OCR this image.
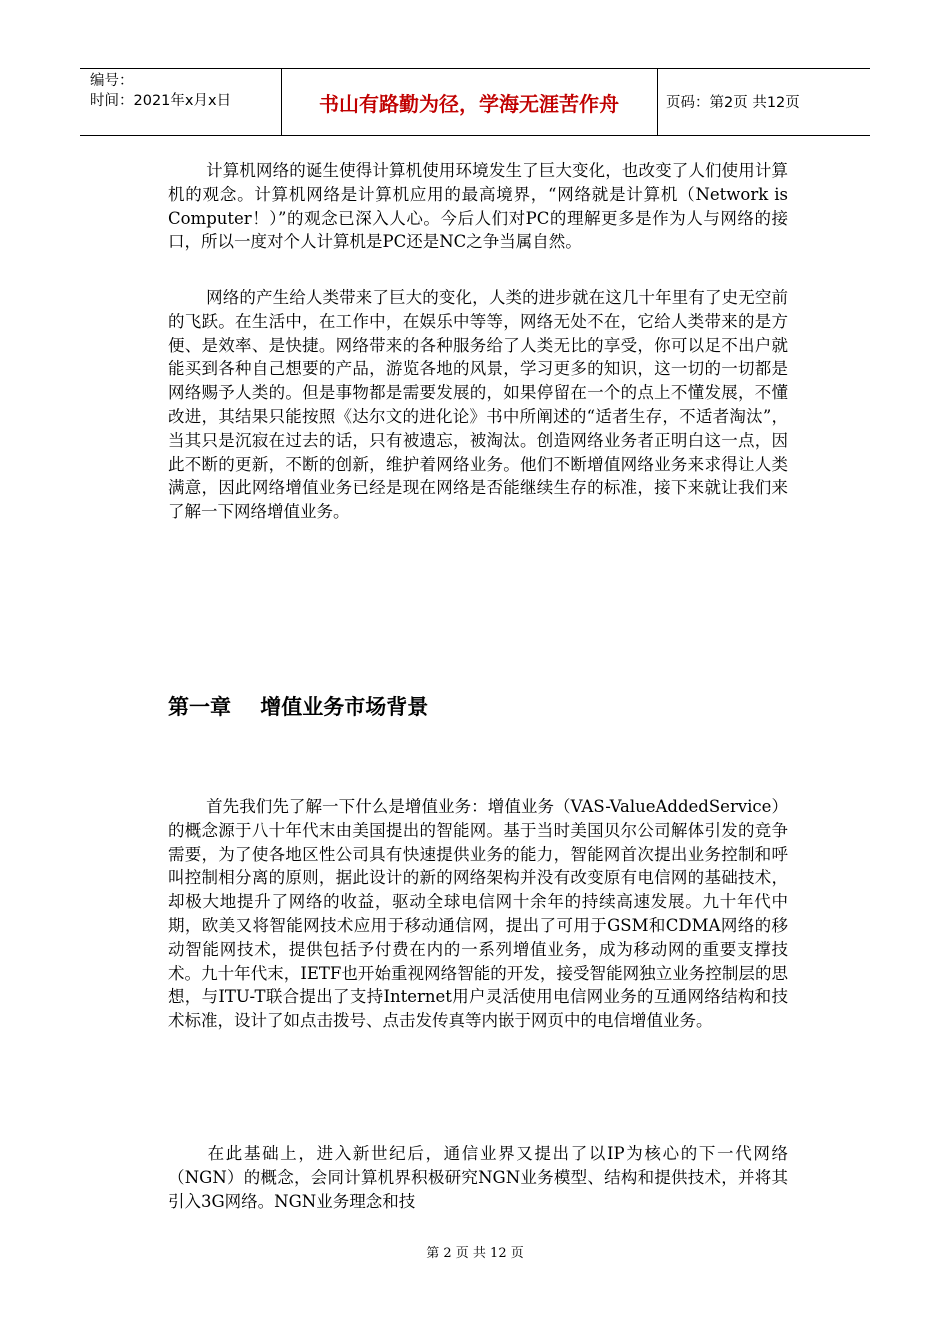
编号：
时间：2021年x月x日	书山有路勤为径，学海无涯苦作舟	页码：第2页 共12页
计算机网络的诞生使得计算机使用环境发生了巨大变化，也改变了人们使用计算机的观念。计算机网络是计算机应用的最高境界，“网络就是计算机（Network is Computer！）”的观念已深入人心。今后人们对PC的理解更多是作为人与网络的接口，所以一度对个人计算机是PC还是NC之争当属自然。
网络的产生给人类带来了巨大的变化，人类的进步就在这几十年里有了史无空前的飞跃。在生活中，在工作中，在娱乐中等等，网络无处不在，它给人类带来的是方便、是效率、是快捷。网络带来的各种服务给了人类无比的享受，你可以足不出户就能买到各种自己想要的产品，游览各地的风景，学习更多的知识，这一切的一切都是网络赐予人类的。但是事物都是需要发展的，如果停留在一个的点上不懂发展，不懂改进，其结果只能按照《达尔文的进化论》书中所阐述的“适者生存，不适者淘汰”，当其只是沉寂在过去的话，只有被遗忘，被淘汰。创造网络业务者正明白这一点，因此不断的更新，不断的创新，维护着网络业务。他们不断增值网络业务来求得让人类满意，因此网络增值业务已经是现在网络是否能继续生存的标准，接下来就让我们来了解一下网络增值业务。
第一章    增值业务市场背景
首先我们先了解一下什么是增值业务：增值业务（VAS-ValueAddedService）的概念源于八十年代末由美国提出的智能网。基于当时美国贝尔公司解体引发的竞争需要，为了使各地区性公司具有快速提供业务的能力，智能网首次提出业务控制和呼叫控制相分离的原则，据此设计的新的网络架构并没有改变原有电信网的基础技术，却极大地提升了网络的收益，驱动全球电信网十余年的持续高速发展。九十年代中期，欧美又将智能网技术应用于移动通信网，提出了可用于GSM和CDMA网络的移动智能网技术，提供包括予付费在内的一系列增值业务，成为移动网的重要支撑技术。九十年代末，IETF也开始重视网络智能的开发，接受智能网独立业务控制层的思想，与ITU-T联合提出了支持Internet用户灵活使用电信网业务的互通网络结构和技术标准，设计了如点击拨号、点击发传真等内嵌于网页中的电信增值业务。
在此基础上，进入新世纪后，通信业界又提出了以IP为核心的下一代网络（NGN）的概念，会同计算机界积极研究NGN业务模型、结构和提供技术，并将其引入3G网络。NGN业务理念和技
第 2 页 共 12 页
